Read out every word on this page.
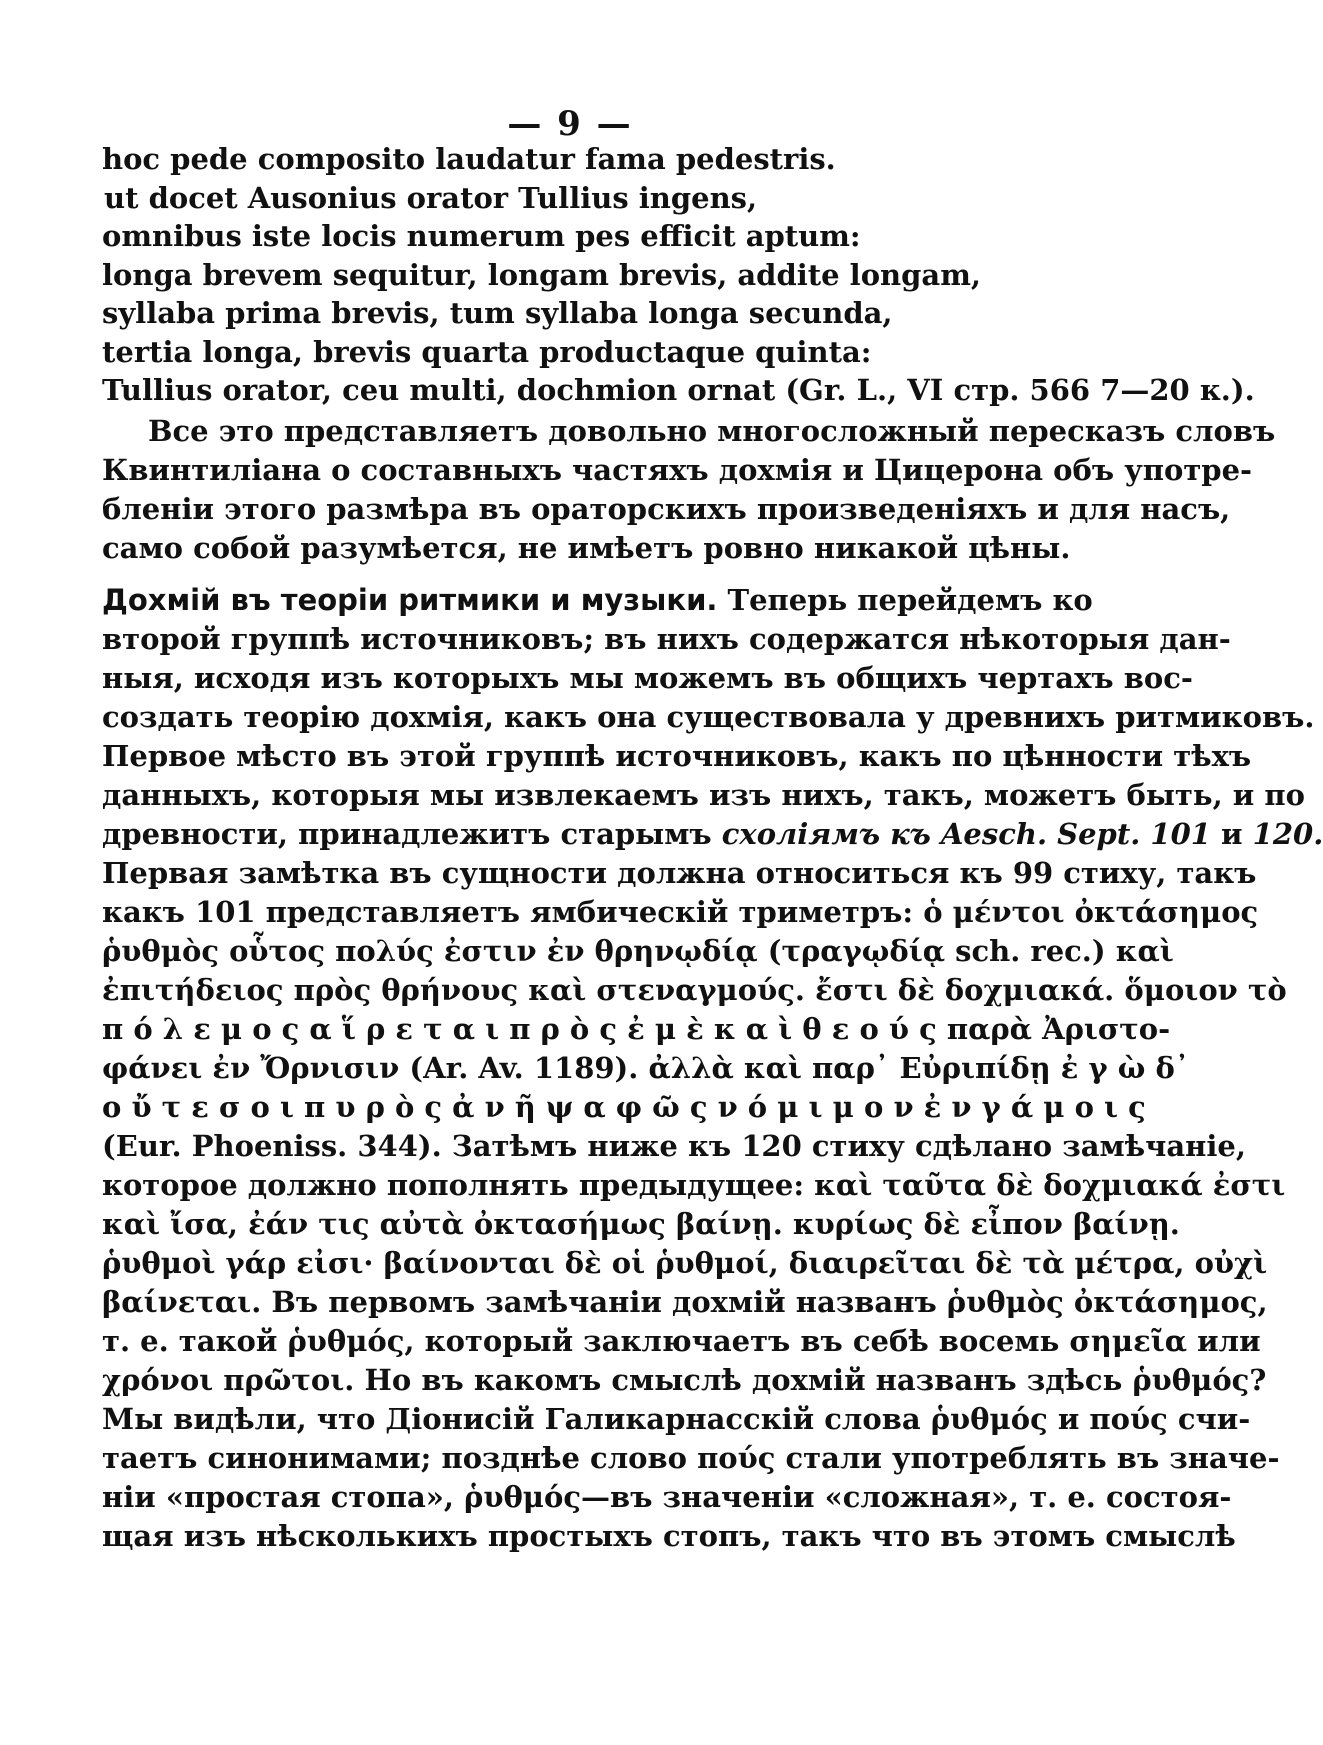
— 9 —
hoc pede composito laudatur fama pedestris.
ut docet Ausonius orator Tullius ingens,
omnibus iste locis numerum pes efficit aptum:
longa brevem sequitur, longam brevis, addite longam,
syllaba prima brevis, tum syllaba longa secunda,
tertia longa, brevis quarta productaque quinta:
Tullius orator, ceu multi, dochmion ornat (Gr. L., VI стр. 566 7—20 к.).
Все это представляетъ довольно многосложный пересказъ словъ
Квинтиліана о составныхъ частяхъ дохмія и Цицерона объ употре-
бленіи этого размѣра въ ораторскихъ произведеніяхъ и для насъ,
само собой разумѣется, не имѣетъ ровно никакой цѣны.
Дохмій въ теоріи ритмики и музыки. Теперь перейдемъ ко
второй группѣ источниковъ; въ нихъ содержатся нѣкоторыя дан-
ныя, исходя изъ которыхъ мы можемъ въ общихъ чертахъ вос-
создать теорію дохмія, какъ она существовала у древнихъ ритмиковъ.
Первое мѣсто въ этой группѣ источниковъ, какъ по цѣнности тѣхъ
данныхъ, которыя мы извлекаемъ изъ нихъ, такъ, можетъ быть, и по
древности, принадлежитъ старымъ схоліямъ къ Aesch. Sept. 101 и 120.
Первая замѣтка въ сущности должна относиться къ 99 стиху, такъ
какъ 101 представляетъ ямбическій триметръ: ὁ μέντοι ὀκτάσημος
ῥυθμὸς οὗτος πολύς ἐστιν ἐν θρηνῳδίᾳ (τραγῳδίᾳ sch. rec.) καὶ
ἐπιτήδειος πρὸς θρήνους καὶ στεναγμούς. ἔστι δὲ δοχμιακά. ὅμοιον τὸ
π ό λ ε μ ο ς α ἵ ρ ε τ α ι π ρ ὸ ς ἐ μ ὲ κ α ὶ θ ε ο ύ ς παρὰ Ἀριστο-
φάνει ἐν Ὄρνισιν (Ar. Av. 1189). ἀλλὰ καὶ παρ᾽ Εὐριπίδῃ ἐ γ ὼ δ᾽
ο ὔ τ ε σ ο ι π υ ρ ὸ ς ἀ ν ῆ ψ α φ ῶ ς ν ό μ ι μ ο ν ἐ ν γ ά μ ο ι ς
(Eur. Phoeniss. 344). Затѣмъ ниже къ 120 стиху сдѣлано замѣчаніе,
которое должно пополнять предыдущее: καὶ ταῦτα δὲ δοχμιακά ἐστι
καὶ ἴσα, ἐάν τις αὐτὰ ὀκτασήμως βαίνῃ. κυρίως δὲ εἶπον βαίνῃ.
ῥυθμοὶ γάρ εἰσι· βαίνονται δὲ οἱ ῥυθμοί, διαιρεῖται δὲ τὰ μέτρα, οὐχὶ
βαίνεται. Въ первомъ замѣчаніи дохмій названъ ῥυθμὸς ὀκτάσημος,
т. е. такой ῥυθμός, который заключаетъ въ себѣ восемь σημεῖα или
χρόνοι πρῶτοι. Но въ какомъ смыслѣ дохмій названъ здѣсь ῥυθμός?
Мы видѣли, что Діонисій Галикарнасскій слова ῥυθμός и πούς счи-
таетъ синонимами; позднѣе слово πούς стали употреблять въ значе-
ніи «простая стопа», ῥυθμός—въ значеніи «сложная», т. е. состоя-
щая изъ нѣсколькихъ простыхъ стопъ, такъ что въ этомъ смыслѣ
